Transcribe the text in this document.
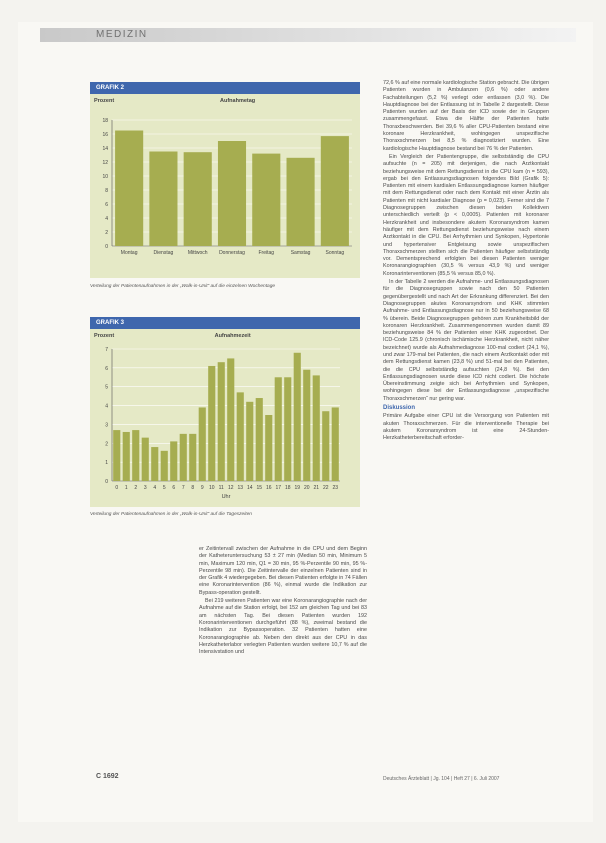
MEDIZIN
GRAFIK 2
Prozent	Aufnahmetag
0
2
4
6
8
10
12
14
16
18
Montag	Dienstag	Mittwoch Donnerstag	Freitag	Samstag	Sonntag
Verteilung der Patientenaufnahmen in der „Walk-in-Unit“ auf die einzelnen Wochentage
GRAFIK 3
Prozent	Aufnahmezeit
0
1
2
3
4
5
6
7
0 1 2 3 4 5 6 7 8 9 10 11 12 13 14 15 16 17 18 19 20 21 22 23
Uhr
Verteilung der Patientenaufnahmen in der „Walk-in-Unit“ auf die Tageszeiten

er Zeitintervall zwischen der Aufnahme in die CPU und dem Beginn der Katheteruntersuchung 53 ± 27 min (Median 50 min, Minimum 5 min, Maximum 120 min, Q1 = 30 min, 95 %-Perzentile 90 min, 95 %-Perzentile 98 min). Die Zeitintervalle der einzelnen Patienten sind in der Grafik 4 wiedergegeben. Bei diesen Patienten erfolgte in 74 Fällen eine Koronarintervention (86 %), einmal wurde die Indikation zur Bypass-operation gestellt.

Bei 219 weiteren Patienten war eine Koronarangiographie nach der Aufnahme auf die Station erfolgt, bei 152 am gleichen Tag und bei 83 am nächsten Tag. Bei diesen Patienten wurden 192 Koronarinterventionen durchgeführt (88 %), zweimal bestand die Indikation zur Bypassoperation. 32 Patienten hatten eine Koronarangiographie ab. Neben den direkt aus der CPU in das Herzkatheterlabor verlegten Patienten wurden weitere 10,7 % auf die Intensivstation und

72,6 % auf eine normale kardiologische Station gebracht. Die übrigen Patienten wurden in Ambulanzen (0,6 %) oder andere Fachabteilungen (5,2 %) verlegt oder entlassen (3,0 %). Die Hauptdiagnose bei der Entlassung ist in Tabelle 2 dargestellt. Diese Patienten wurden auf der Basis der ICD sowie der in Gruppen zusammengefasst. Etwa die Hälfte der Patienten hatte Thoraxbeschwerden. Bei 39,6 % aller CPU-Patienten bestand eine koronare Herzkrankheit, wohingegen unspezifische Thoraxschmerzen bei 8,5 % diagnostiziert wurden. Eine kardiologische Hauptdiagnose bestand bei 76 % der Patienten.

Ein Vergleich der Patientengruppe, die selbstständig die CPU aufsuchte (n = 205) mit derjenigen, die nach Arztkontakt beziehungsweise mit dem Rettungsdienst in die CPU kam (n = 593), ergab bei den Entlassungsdiagnosen folgendes Bild (Grafik 5): Patienten mit einem kardialen Entlassungsdiagnose kamen häufiger mit dem Rettungsdienst oder nach dem Kontakt mit einer Ärztin als Patienten mit nicht kardialer Diagnose (p = 0,023). Ferner sind die 7 Diagnosegruppen zwischen diesen beiden Kollektiven unterschiedlich verteilt (p < 0,0005). Patienten mit koronarer Herzkrankheit und insbesondere akutem Koronarsyndrom kamen häufiger mit dem Rettungsdienst beziehungsweise nach einem Arztkontakt in die CPU. Bei Arrhythmien und Synkopen, Hypertonie und hypertensiver Entgleisung sowie unspezifischen Thoraxschmerzen stellten sich die Patienten häufiger selbstständig vor. Dementsprechend erfolgten bei diesen Patienten weniger Koronarangiographien (30,5 % versus 43,9 %) und weniger Koronarinterventionen (85,5 % versus 85,0 %).

In der Tabelle 2 werden die Aufnahme- und Entlassungsdiagnosen für die Diagnosegruppen sowie nach den 50 Patienten gegenübergestellt und nach Art der Erkrankung differenziert. Bei den Diagnosegruppen akutes Koronarsyndrom und KHK stimmten Aufnahme- und Entlassungsdiagnose nur in 50 beziehungsweise 68 % überein. Beide Diagnosegruppen gehören zum Krankheitsbild der koronaren Herzkrankheit. Zusammengenommen wurden damit 89 beziehungsweise 84 % der Patienten einer KHK zugeordnet. Der ICD-Code 125.9 (chronisch ischämische Herzkrankheit, nicht näher bezeichnet) wurde als Aufnahmediagnose 100-mal codiert (24,1 %), und zwar 179-mal bei Patienten, die nach einem Arztkontakt oder mit dem Rettungsdienst kamen (23,8 %) und 51-mal bei den Patienten, die die CPU selbstständig aufsuchten (24,8 %). Bei den Entlassungsdiagnosen wurde diese ICD nicht codiert. Die höchste Übereinstimmung zeigte sich bei Arrhythmien und Synkopen, wohingegen diese bei der Entlassungsdiagnose „unspezifische Thoraxschmerzen“ nur gering war.

Diskussion

Primäre Aufgabe einer CPU ist die Versorgung von Patienten mit akuten Thoraxschmerzen. Für die interventionelle Therapie bei akutem Koronarsyndrom ist eine 24-Stunden-Herzkatheterbereitschaft erforder-

C 1692	Deutsches Ärzteblatt | Jg. 104 | Heft 27 | 6. Juli 2007
